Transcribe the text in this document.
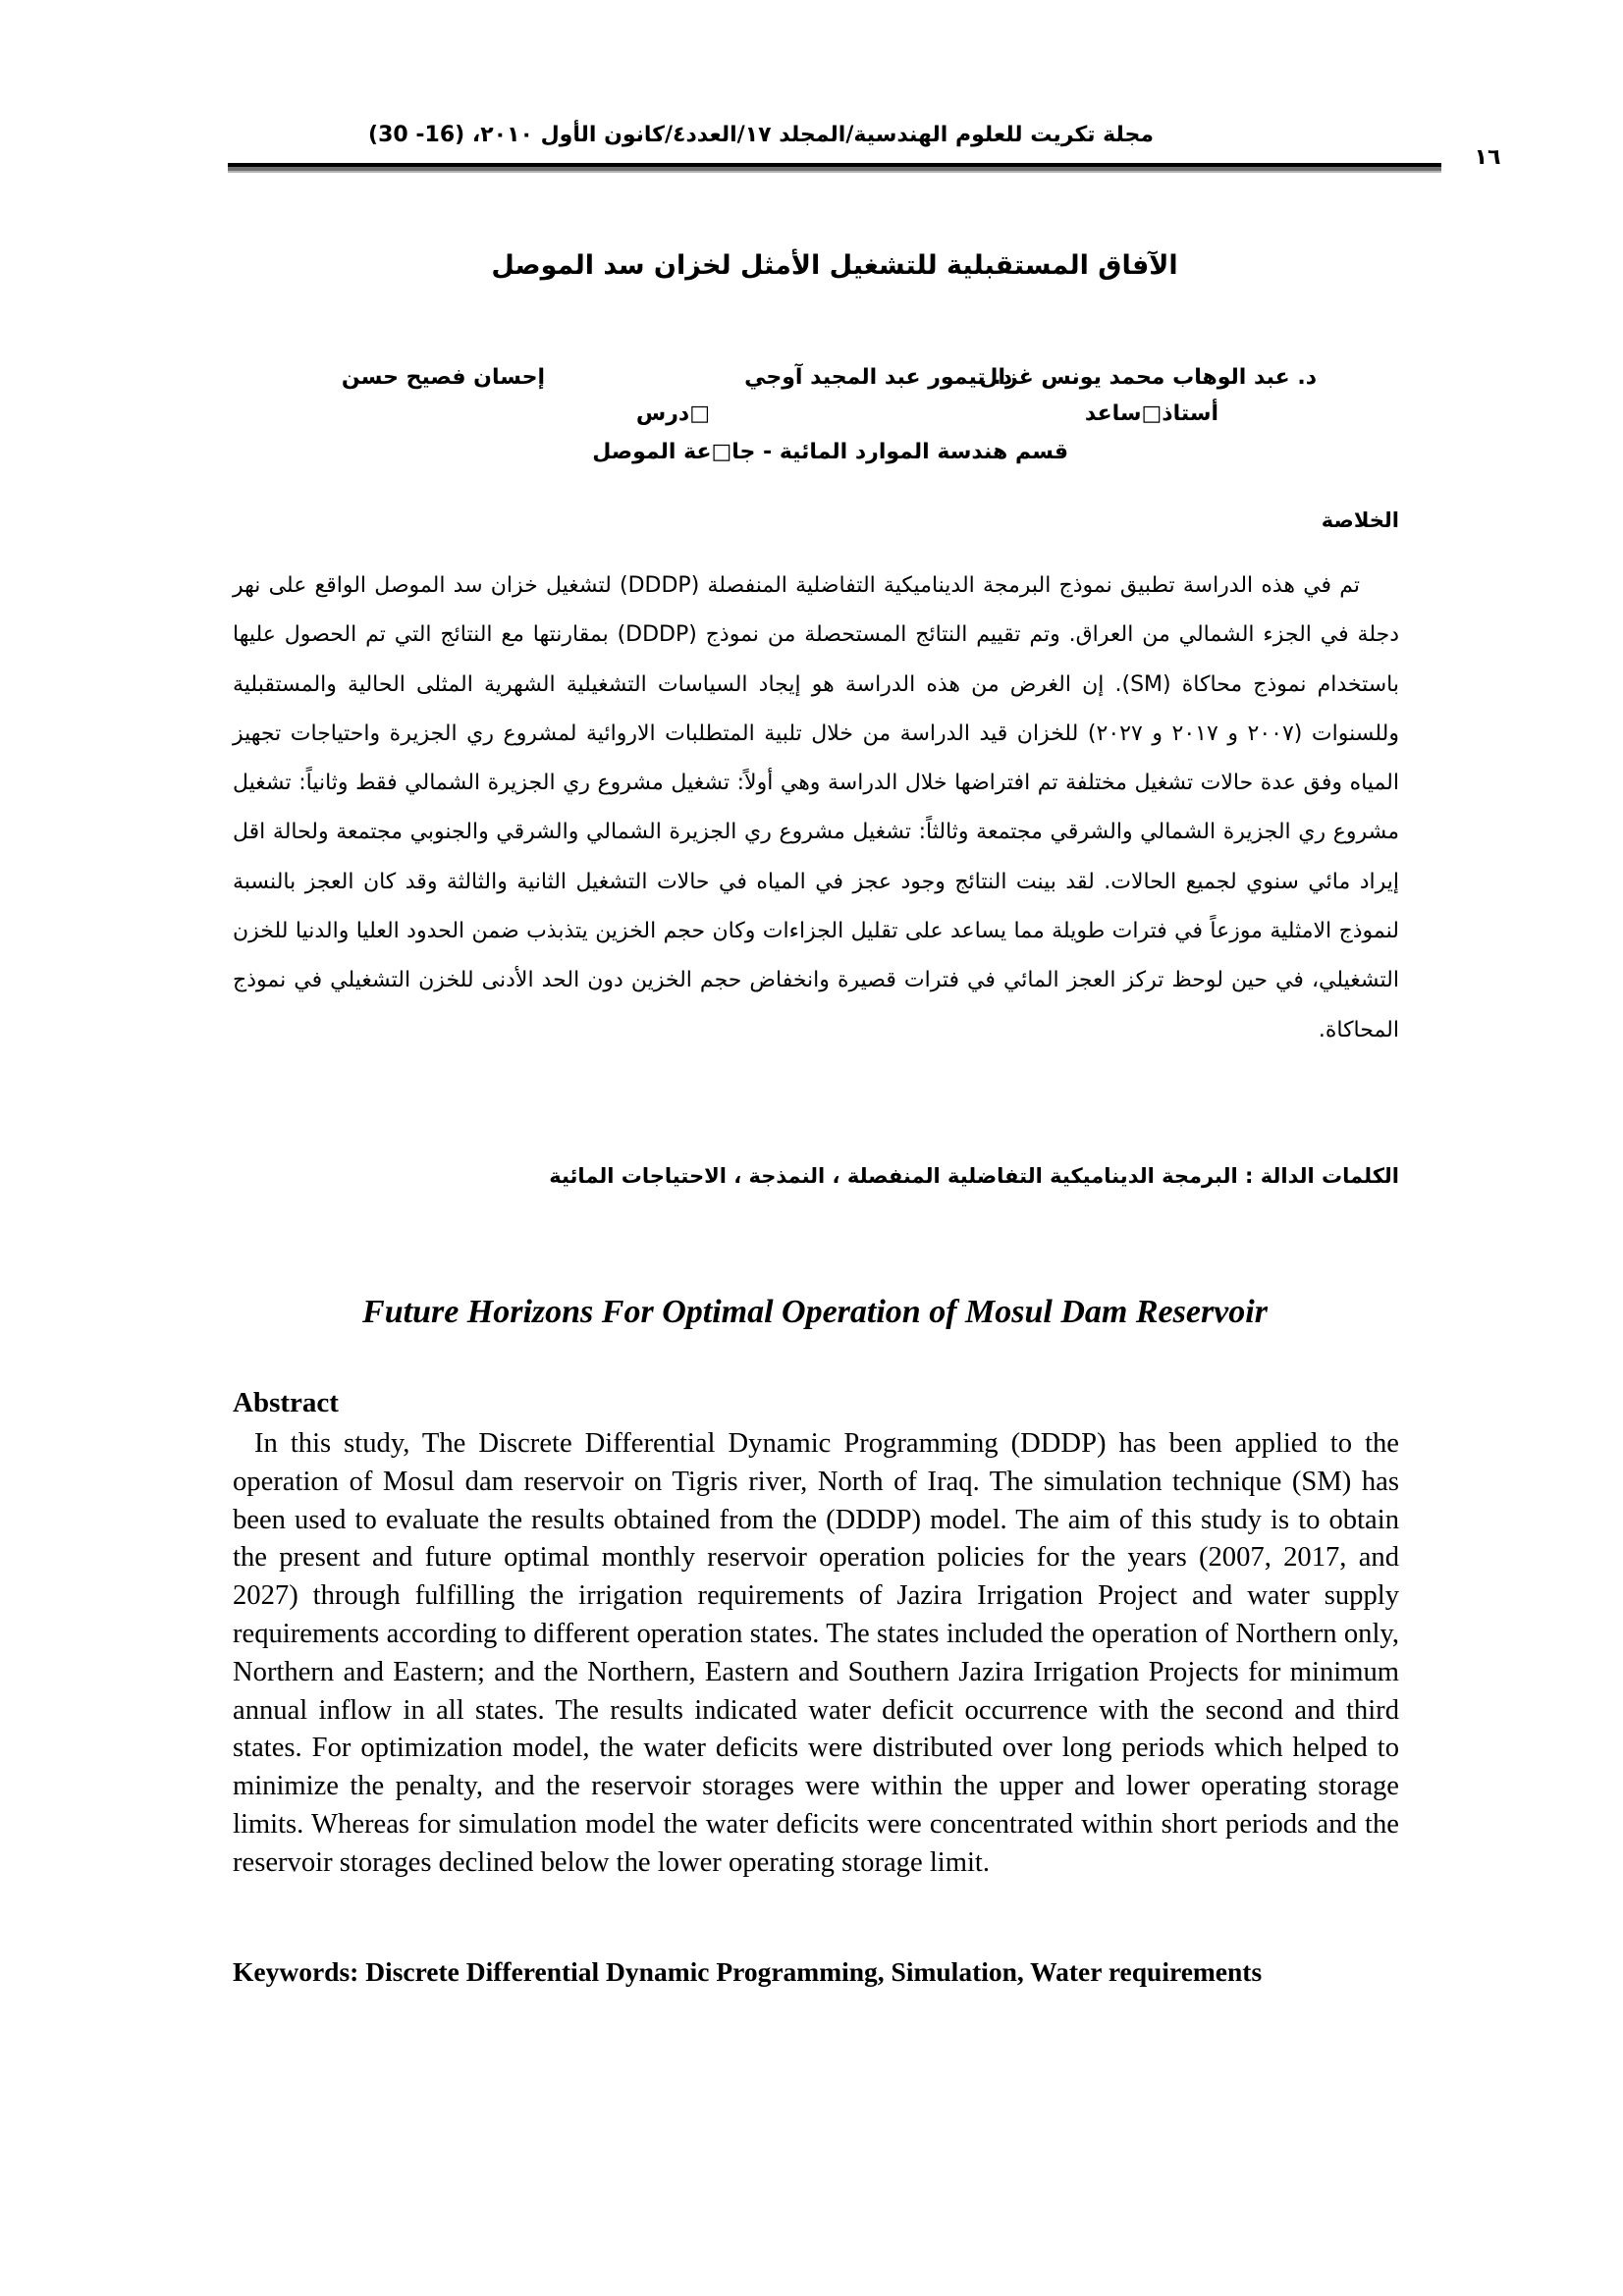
مجلة تكريت للعلوم الهندسية/المجلد ١٧/العدد٤/كانون الأول ٢٠١٠، (16- 30)
١٦
الآفاق المستقبلية للتشغيل الأمثل لخزان سد الموصل
د. عبد الوهاب محمد يونس غزال
أستاذ□ساعد
د. تيمور عبد المجيد آوجي
□درس
إحسان فصيح حسن
قسم هندسة الموارد المائية - جا□عة الموصل
الخلاصة

تم في هذه الدراسة تطبيق نموذج البرمجة الديناميكية التفاضلية المنفصلة (DDDP) لتشغيل خزان سد الموصل الواقع على نهر دجلة في الجزء الشمالي من العراق. وتم تقييم النتائج المستحصلة من نموذج (DDDP) بمقارنتها مع النتائج التي تم الحصول عليها باستخدام نموذج محاكاة (SM). إن الغرض من هذه الدراسة هو إيجاد السياسات التشغيلية الشهرية المثلى الحالية والمستقبلية وللسنوات (٢٠٠٧ و ٢٠١٧ و ٢٠٢٧) للخزان قيد الدراسة من خلال تلبية المتطلبات الاروائية لمشروع ري الجزيرة واحتياجات تجهيز المياه وفق عدة حالات تشغيل مختلفة تم افتراضها خلال الدراسة وهي أولاً: تشغيل مشروع ري الجزيرة الشمالي فقط وثانياً: تشغيل مشروع ري الجزيرة الشمالي والشرقي مجتمعة وثالثاً: تشغيل مشروع ري الجزيرة الشمالي والشرقي والجنوبي مجتمعة ولحالة اقل إيراد مائي سنوي لجميع الحالات. لقد بينت النتائج وجود عجز في المياه في حالات التشغيل الثانية والثالثة وقد كان العجز بالنسبة لنموذج الامثلية موزعاً في فترات طويلة مما يساعد على تقليل الجزاءات وكان حجم الخزين يتذبذب ضمن الحدود العليا والدنيا للخزن التشغيلي، في حين لوحظ تركز العجز المائي في فترات قصيرة وانخفاض حجم الخزين دون الحد الأدنى للخزن التشغيلي في نموذج المحاكاة.

الكلمات الدالة : البرمجة الديناميكية التفاضلية المنفصلة ، النمذجة ، الاحتياجات المائية
Future Horizons For Optimal Operation of Mosul Dam Reservoir
Abstract

In this study, The Discrete Differential Dynamic Programming (DDDP) has been applied to the operation of Mosul dam reservoir on Tigris river, North of Iraq. The simulation technique (SM) has been used to evaluate the results obtained from the (DDDP) model. The aim of this study is to obtain the present and future optimal monthly reservoir operation policies for the years (2007, 2017, and 2027) through fulfilling the irrigation requirements of Jazira Irrigation Project and water supply requirements according to different operation states. The states included the operation of Northern only, Northern and Eastern; and the Northern, Eastern and Southern Jazira Irrigation Projects for minimum annual inflow in all states. The results indicated water deficit occurrence with the second and third states. For optimization model, the water deficits were distributed over long periods which helped to minimize the penalty, and the reservoir storages were within the upper and lower operating storage limits. Whereas for simulation model the water deficits were concentrated within short periods and the reservoir storages declined below the lower operating storage limit.

Keywords: Discrete Differential Dynamic Programming, Simulation, Water requirements
